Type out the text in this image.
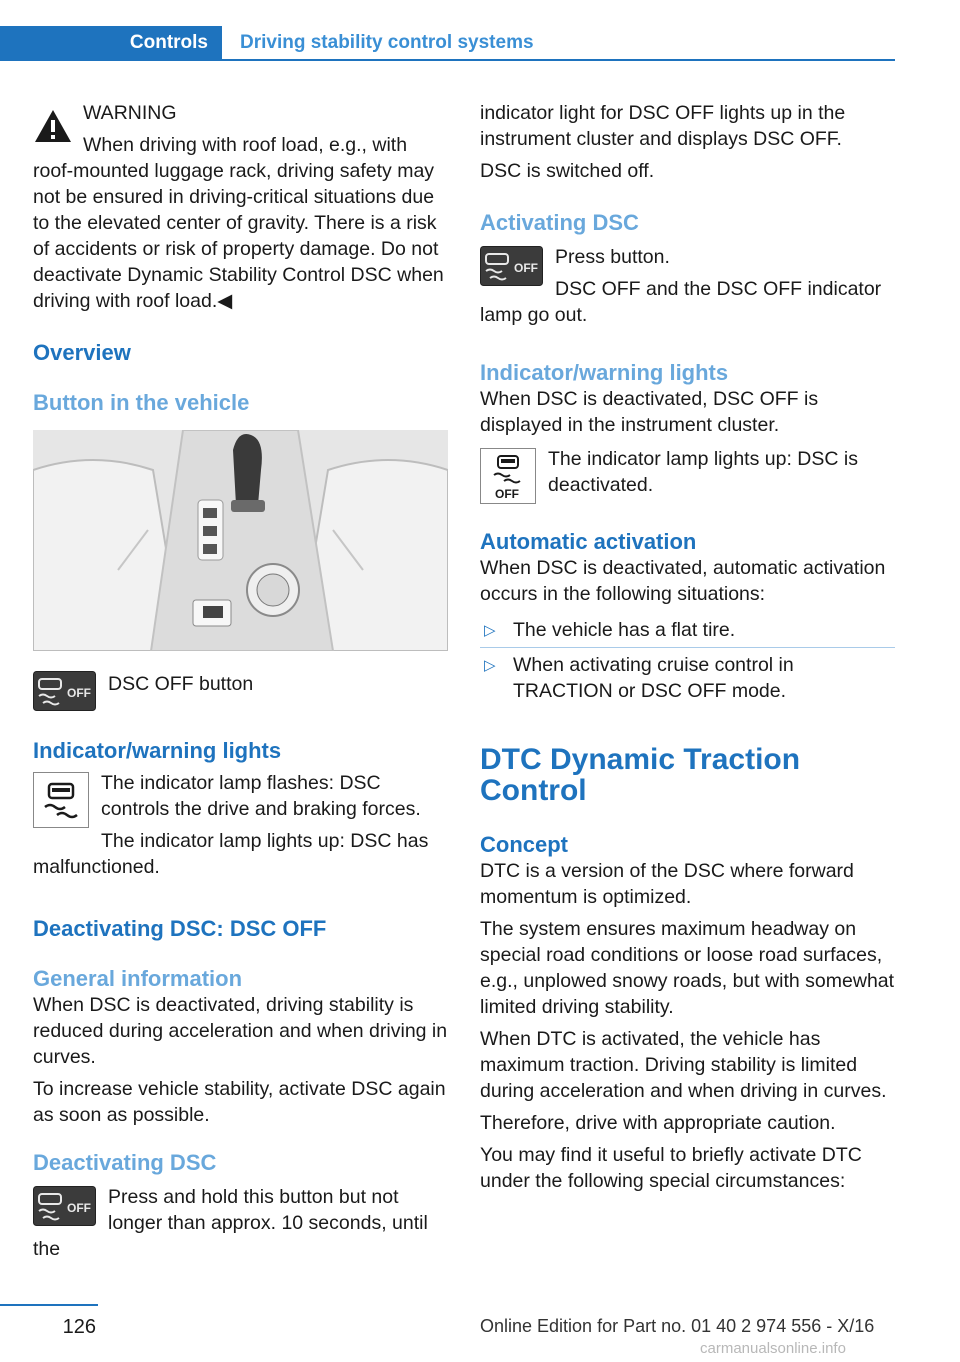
Controls	Driving stability control systems

WARNING

When driving with roof load, e.g., with roof-mounted luggage rack, driving safety may not be ensured in driving-critical situations due to the elevated center of gravity. There is a risk of accidents or risk of property damage. Do not deactivate Dynamic Stability Control DSC when driving with roof load.◀

Overview
Button in the vehicle
OFF DSC OFF button

Indicator/warning lights

The indicator lamp flashes: DSC controls the drive and braking forces.

The indicator lamp lights up: DSC has malfunctioned.

Deactivating DSC: DSC OFF
General information

When DSC is deactivated, driving stability is reduced during acceleration and when driving in curves.

To increase vehicle stability, activate DSC again as soon as possible.

Deactivating DSC
OFF Press and hold this button but not longer than approx. 10 seconds, until the

indicator light for DSC OFF lights up in the instrument cluster and displays DSC OFF.

DSC is switched off.

Activating DSC
OFF Press button.

DSC OFF and the DSC OFF indicator lamp go out.

Indicator/warning lights

When DSC is deactivated, DSC OFF is displayed in the instrument cluster.

OFF

The indicator lamp lights up: DSC is deactivated.

Automatic activation

When DSC is deactivated, automatic activation occurs in the following situations:

▷ The vehicle has a flat tire.
▷ When activating cruise control in TRACTION or DSC OFF mode.
DTC Dynamic Traction Control
Concept

DTC is a version of the DSC where forward momentum is optimized.

The system ensures maximum headway on special road conditions or loose road surfaces, e.g., unplowed snowy roads, but with somewhat limited driving stability.

When DTC is activated, the vehicle has maximum traction. Driving stability is limited during acceleration and when driving in curves.

Therefore, drive with appropriate caution.

You may find it useful to briefly activate DTC under the following special circumstances:

126	Online Edition for Part no. 01 40 2 974 556 - X/16
carmanualsonline.info
